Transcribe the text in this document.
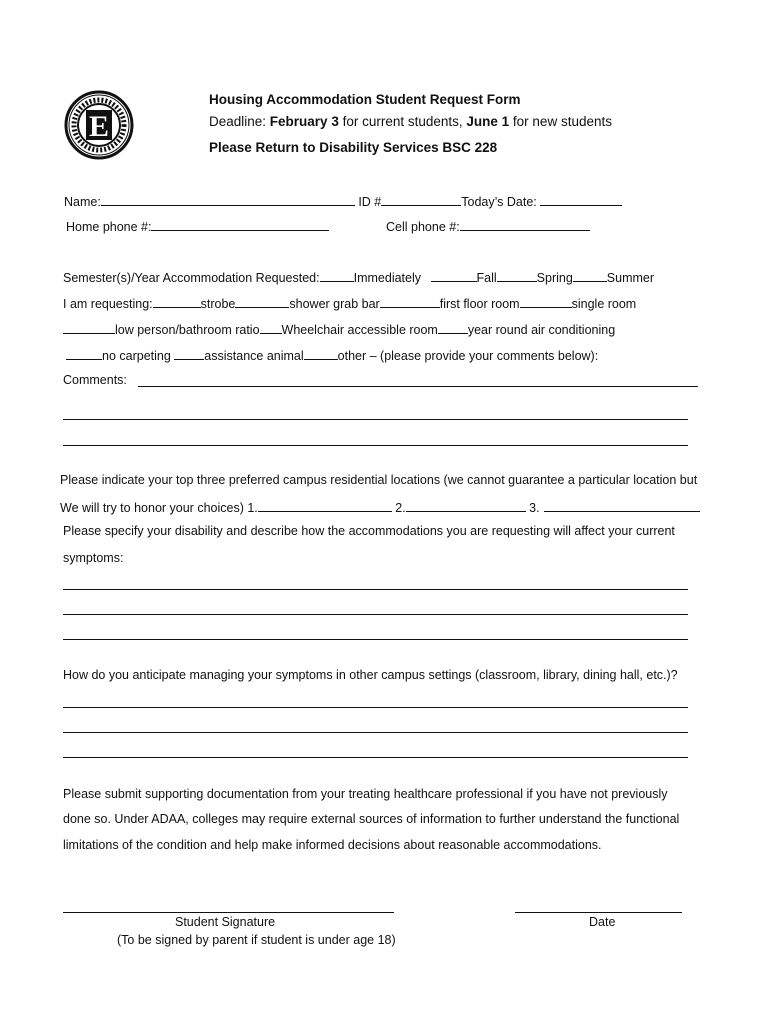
E
Housing Accommodation Student Request Form
Deadline: February 3 for current students, June 1 for new students
Please Return to Disability Services BSC 228
Name:	ID #	Today’s Date:
Home phone #:	Cell phone #:
Semester(s)/Year Accommodation Requested:	Immediately	Fall	Spring	Summer
I am requesting:	strobe	shower grab bar	first floor room	single room
low person/bathroom ratio Wheelchair accessible room year round air conditioning
no carpeting	assistance animal	other – (please provide your comments below):
Comments:
Please indicate your top three preferred campus residential locations (we cannot guarantee a particular location but
We will try to honor your choices) 1.	2.	3.
Please specify your disability and describe how the accommodations you are requesting will affect your current
symptoms:
How do you anticipate managing your symptoms in other campus settings (classroom, library, dining hall, etc.)?
Please submit supporting documentation from your treating healthcare professional if you have not previously
done so. Under ADAA, colleges may require external sources of information to further understand the functional
limitations of the condition and help make informed decisions about reasonable accommodations.
Student Signature
(To be signed by parent if student is under age 18)
Date
